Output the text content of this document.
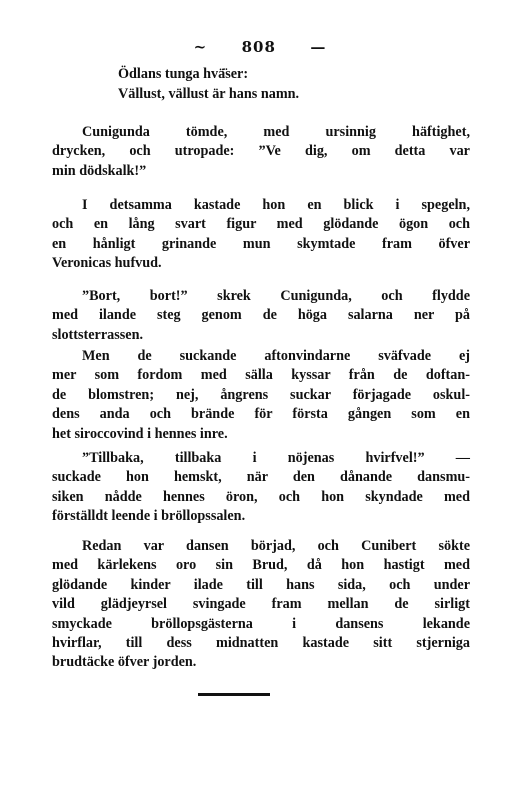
~ 808 —
Ödlans tunga hvä̈ser:
Vällust, vällust är hans namn.
Cunigunda tömde, med ursinnig häftighet,
drycken, och utropade: ”Ve dig, om detta var
min dödskalk!”
I detsamma kastade hon en blick i spegeln,
och en lång svart figur med glödande ögon och
en hånligt grinande mun skymtade fram öfver
Veronicas hufvud.
”Bort, bort!” skrek Cunigunda, och flydde
med ilande steg genom de höga salarna ner på
slottsterrassen.
Men de suckande aftonvindarne sväfvade ej
mer som fordom med sälla kyssar från de doftan-
de blomstren; nej, ångrens suckar förjagade oskul-
dens anda och brände för första gången som en
het siroccovind i hennes inre.
”Tillbaka, tillbaka i nöjenas hvirfvel!” —
suckade hon hemskt, när den dånande dansmu-
siken nådde hennes öron, och hon skyndade med
förställdt leende i bröllopssalen.
Redan var dansen börjad, och Cunibert sökte
med kärlekens oro sin Brud, då hon hastigt med
glödande kinder ilade till hans sida, och under
vild glädjeyrsel svingade fram mellan de sirligt
smyckade bröllopsgästerna i dansens lekande
hvirflar, till dess midnatten kastade sitt stjerniga
brudtäcke öfver jorden.
